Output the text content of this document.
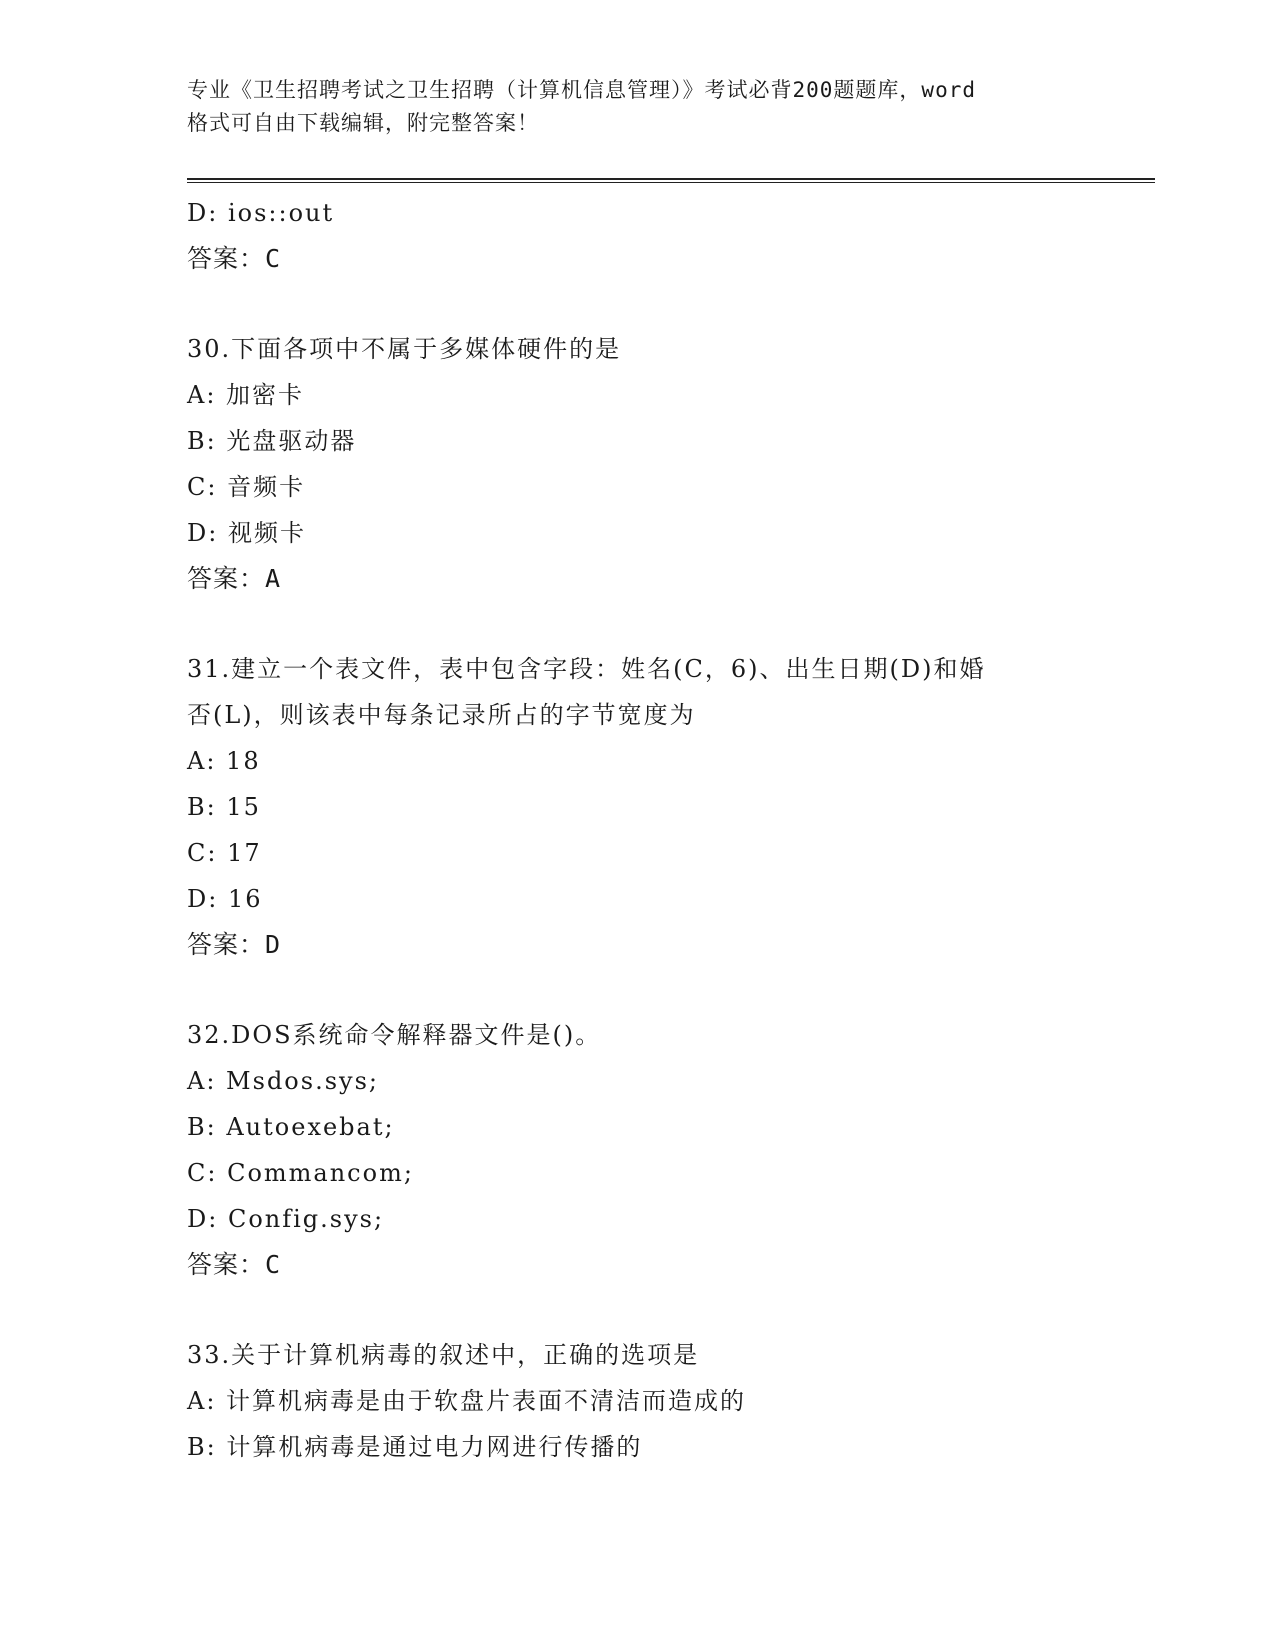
专业《卫生招聘考试之卫生招聘（计算机信息管理）》考试必背200题题库，word
格式可自由下载编辑，附完整答案！

D: ios::out

答案：C

30.下面各项中不属于多媒体硬件的是

A: 加密卡

B: 光盘驱动器

C: 音频卡

D: 视频卡

答案：A

31.建立一个表文件，表中包含字段：姓名(C，6)、出生日期(D)和婚

否(L)，则该表中每条记录所占的字节宽度为

A: 18

B: 15

C: 17

D: 16

答案：D

32.DOS系统命令解释器文件是()。

A: Msdos.sys;

B: Autoexebat;

C: Commancom;

D: Config.sys;

答案：C

33.关于计算机病毒的叙述中，正确的选项是

A: 计算机病毒是由于软盘片表面不清洁而造成的

B: 计算机病毒是通过电力网进行传播的
